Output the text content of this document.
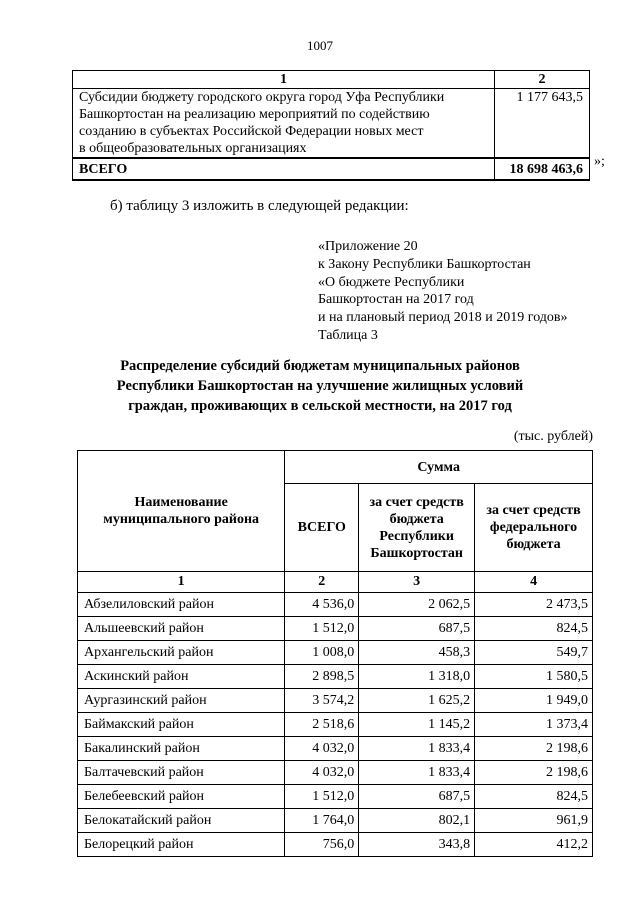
1007
1	2

Субсидии бюджету городского округа город Уфа Республики
Башкортостан на реализацию мероприятий по содействию
созданию в субъектах Российской Федерации новых мест
в общеобразовательных организациях	1 177 643,5
ВСЕГО	18 698 463,6 »;
б) таблицу 3 изложить в следующей редакции:
«Приложение 20
к Закону Республики Башкортостан
«О бюджете Республики
Башкортостан на 2017 год
и на плановый период 2018 и 2019 годов»
Таблица 3
Распределение субсидий бюджетам муниципальных районов
Республики Башкортостан на улучшение жилищных условий
граждан, проживающих в сельской местности, на 2017 год
(тыс. рублей)
Наименование муниципального района	Сумма		
	ВСЕГО	за счет средств бюджета Республики Башкортостан	за счет средств федерального бюджета
1	2	3	4
Абзелиловский район	4 536,0	2 062,5	2 473,5
Альшеевский район	1 512,0	687,5	824,5
Архангельский район	1 008,0	458,3	549,7
Аскинский район	2 898,5	1 318,0	1 580,5
Аургазинский район	3 574,2	1 625,2	1 949,0
Баймакский район	2 518,6	1 145,2	1 373,4
Бакалинский район	4 032,0	1 833,4	2 198,6
Балтачевский район	4 032,0	1 833,4	2 198,6
Белебеевский район	1 512,0	687,5	824,5
Белокатайский район	1 764,0	802,1	961,9
Белорецкий район	756,0	343,8	412,2
